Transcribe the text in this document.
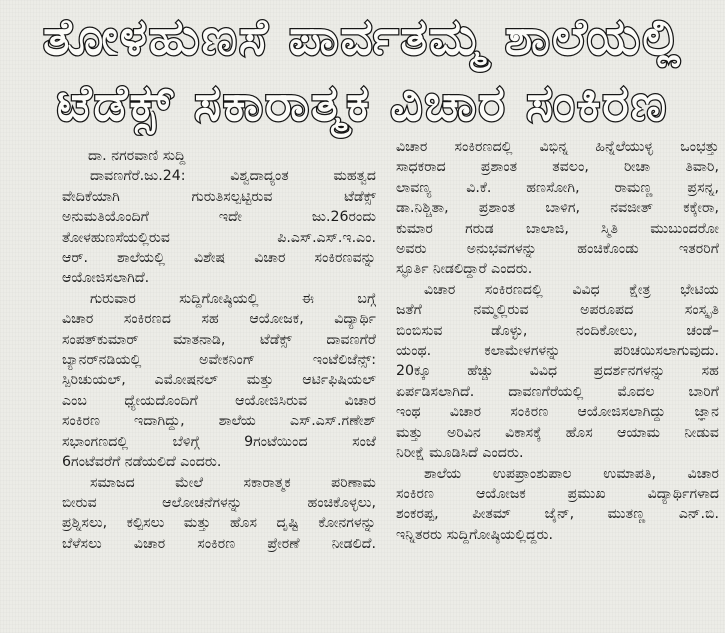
ತೋಳಹುಣಸೆ ಪಾರ್ವತಮ್ಮ ಶಾಲೆಯಲ್ಲಿ
ಟೆಡೆಕ್ಸ್ ಸಕಾರಾತ್ಮಕ ವಿಚಾರ ಸಂಕಿರಣ
ದಾ. ನಗರವಾಣಿ ಸುದ್ದಿ
ದಾವಣಗೆರೆ.ಜು.24: ವಿಶ್ವದಾದ್ಯಂತ ಮಹತ್ವದ
ವೇದಿಕೆಯಾಗಿ ಗುರುತಿಸಲ್ಪಟ್ಟಿರುವ ಟೆಡೆಕ್ಸ್
ಅನುಮತಿಯೊಂದಿಗೆ ಇದೇ ಜು.26ರಂದು
ತೋಳಹುಣಸೆಯಲ್ಲಿರುವ ಪಿ.ಎಸ್.ಎಸ್.ಇ.ಎಂ.
ಆರ್. ಶಾಲೆಯಲ್ಲಿ ವಿಶೇಷ ವಿಚಾರ ಸಂಕಿರಣವನ್ನು
ಆಯೋಜಿಸಲಾಗಿದೆ.
ಗುರುವಾರ ಸುದ್ದಿಗೋಷ್ಠಿಯಲ್ಲಿ ಈ ಬಗ್ಗೆ
ವಿಚಾರ ಸಂಕಿರಣದ ಸಹ ಆಯೋಜಕ, ವಿದ್ಯಾರ್ಥಿ
ಸಂಪತ್‌ಕುಮಾರ್ ಮಾತನಾಡಿ, ಟೆಡೆಕ್ಸ್ ದಾವಣಗೆರೆ
ಬ್ಯಾನರ್‌ನಡಿಯಲ್ಲಿ ಅವೇಕನಿಂಗ್ ಇಂಟೆಲಿಜೆನ್ಸ್:
ಸ್ಪಿರಿಚುಯಲ್, ಎಮೋಷನಲ್ ಮತ್ತು ಆರ್ಟಿಫಿಷಿಯಲ್
ಎಂಬ ಧ್ಯೇಯದೊಂದಿಗೆ ಆಯೋಜಿಸಿರುವ ವಿಚಾರ
ಸಂಕಿರಣ ಇದಾಗಿದ್ದು, ಶಾಲೆಯ ಎಸ್.ಎಸ್.ಗಣೇಶ್
ಸಭಾಂಗಣದಲ್ಲಿ ಬೆಳಿಗ್ಗೆ 9ಗಂಟೆಯಿಂದ ಸಂಜೆ
6ಗಂಟೆವರೆಗೆ ನಡೆಯಲಿದೆ ಎಂದರು.
ಸಮಾಜದ ಮೇಲೆ ಸಕಾರಾತ್ಮಕ ಪರಿಣಾಮ
ಬೀರುವ ಆಲೋಚನೆಗಳನ್ನು ಹಂಚಿಕೊಳ್ಳಲು,
ಪ್ರಶ್ನಿಸಲು, ಕಲ್ಪಿಸಲು ಮತ್ತು ಹೊಸ ದೃಷ್ಟಿ ಕೋನಗಳನ್ನು
ಬೆಳೆಸಲು ವಿಚಾರ ಸಂಕಿರಣ ಪ್ರೇರಣೆ ನೀಡಲಿದೆ.
ವಿಚಾರ ಸಂಕಿರಣದಲ್ಲಿ ವಿಭಿನ್ನ ಹಿನ್ನೆಲೆಯುಳ್ಳ ಒಂಭತ್ತು
ಸಾಧಕರಾದ ಪ್ರಶಾಂತ ತವಲಂ, ರೀಚಾ ತಿವಾರಿ,
ಲಾವಣ್ಯ ವಿ.ಕೆ. ಹಣಸೋಗಿ, ರಾಮಣ್ಣ ಪ್ರಸನ್ನ,
ಡಾ.ನಿಶ್ಚಿತಾ, ಪ್ರಶಾಂತ ಬಾಳಿಗ, ನವಜೀತ್ ಕಕ್ಕೇರಾ,
ಕುಮಾರ ಗರುಡ ಬಾಲಾಜಿ, ಸ್ಮಿತಿ ಮುಬುಂದರೋ
ಅವರು ಅನುಭವಗಳನ್ನು ಹಂಚಿಕೊಂಡು ಇತರರಿಗೆ
ಸ್ಫೂರ್ತಿ ನೀಡಲಿದ್ದಾರೆ ಎಂದರು.
ವಿಚಾರ ಸಂಕಿರಣದಲ್ಲಿ ವಿವಿಧ ಕ್ಷೇತ್ರ ಭೇಟಿಯ
ಜತೆಗೆ ನಮ್ಮಲ್ಲಿರುವ ಅಪರೂಪದ ಸಂಸ್ಕೃತಿ
ಬಿಂಬಿಸುವ ಡೊಳ್ಳು, ನಂದಿಕೋಲು, ಚಂಡೆ–
ಯಂಥ. ಕಲಾಮೇಳಗಳನ್ನು ಪರಿಚಯಿಸಲಾಗುವುದು.
20ಕ್ಕೂ ಹೆಚ್ಚು ವಿವಿಧ ಪ್ರದರ್ಶನಗಳನ್ನು ಸಹ
ಏರ್ಪಡಿಸಲಾಗಿದೆ. ದಾವಣಗೆರೆಯಲ್ಲಿ ಮೊದಲ ಬಾರಿಗೆ
ಇಂಥ ವಿಚಾರ ಸಂಕಿರಣ ಆಯೋಜಿಸಲಾಗಿದ್ದು ಜ್ಞಾನ
ಮತ್ತು ಅರಿವಿನ ವಿಕಾಸಕ್ಕೆ ಹೊಸ ಆಯಾಮ ನೀಡುವ
ನಿರೀಕ್ಷೆ ಮೂಡಿಸಿದೆ ಎಂದರು.
ಶಾಲೆಯ ಉಪಪ್ರಾಂಶುಪಾಲ ಉಮಾಪತಿ, ವಿಚಾರ
ಸಂಕಿರಣ ಆಯೋಜಕ ಪ್ರಮುಖ ವಿದ್ಯಾರ್ಥಿಗಳಾದ
ಶಂಕರಪ್ಪ, ಪೀತಮ್ ಜೈನ್, ಮುತಣ್ಣ ಎನ್.ಬಿ.
ಇನ್ನಿತರರು ಸುದ್ದಿಗೋಷ್ಠಿಯಲ್ಲಿದ್ದರು.
